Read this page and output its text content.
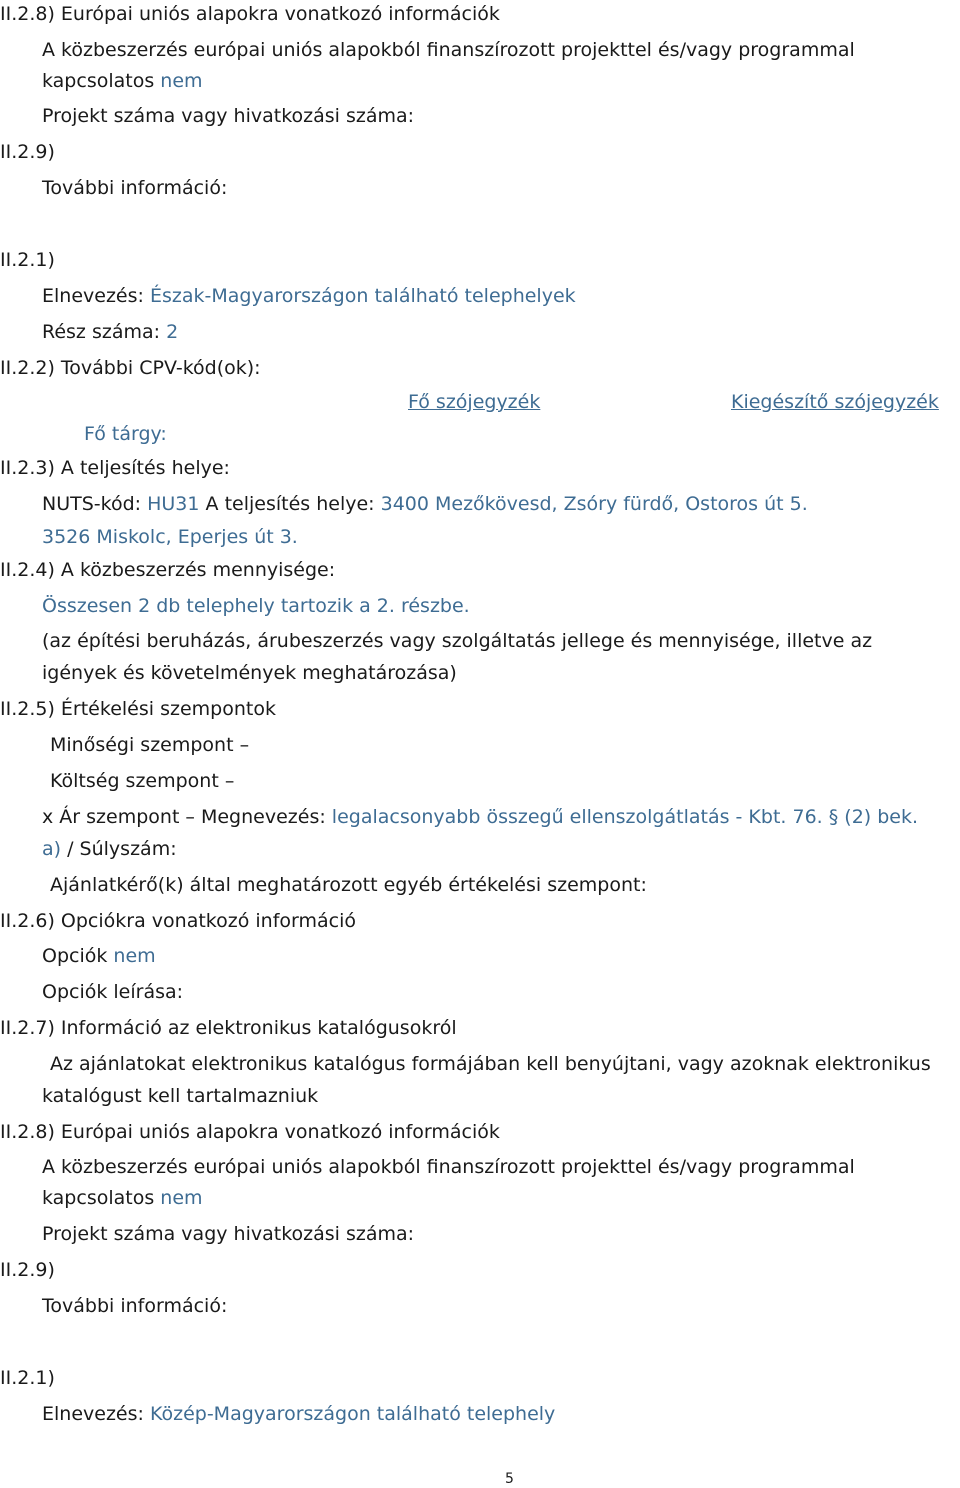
II.2.8) Európai uniós alapokra vonatkozó információk
A közbeszerzés európai uniós alapokból finanszírozott projekttel és/vagy programmal
kapcsolatos nem
Projekt száma vagy hivatkozási száma:
II.2.9)
További információ:
II.2.1)
Elnevezés: Észak-Magyarországon található telephelyek
Rész száma: 2
II.2.2) További CPV-kód(ok):
Fő szójegyzék	Kiegészítő szójegyzék
Fő tárgy:
II.2.3) A teljesítés helye:
NUTS-kód: HU31 A teljesítés helye: 3400 Mezőkövesd, Zsóry fürdő, Ostoros út 5.
3526 Miskolc, Eperjes út 3.
II.2.4) A közbeszerzés mennyisége:
Összesen 2 db telephely tartozik a 2. részbe.
(az építési beruházás, árubeszerzés vagy szolgáltatás jellege és mennyisége, illetve az
igények és követelmények meghatározása)
II.2.5) Értékelési szempontok
Minőségi szempont –
Költség szempont –
x Ár szempont – Megnevezés: legalacsonyabb összegű ellenszolgátlatás - Kbt. 76. § (2) bek.
a) / Súlyszám:
Ajánlatkérő(k) által meghatározott egyéb értékelési szempont:
II.2.6) Opciókra vonatkozó információ
Opciók nem
Opciók leírása:
II.2.7) Információ az elektronikus katalógusokról
Az ajánlatokat elektronikus katalógus formájában kell benyújtani, vagy azoknak elektronikus
katalógust kell tartalmazniuk
II.2.8) Európai uniós alapokra vonatkozó információk
A közbeszerzés európai uniós alapokból finanszírozott projekttel és/vagy programmal
kapcsolatos nem
Projekt száma vagy hivatkozási száma:
II.2.9)
További információ:
II.2.1)
Elnevezés: Közép-Magyarországon található telephely
5
